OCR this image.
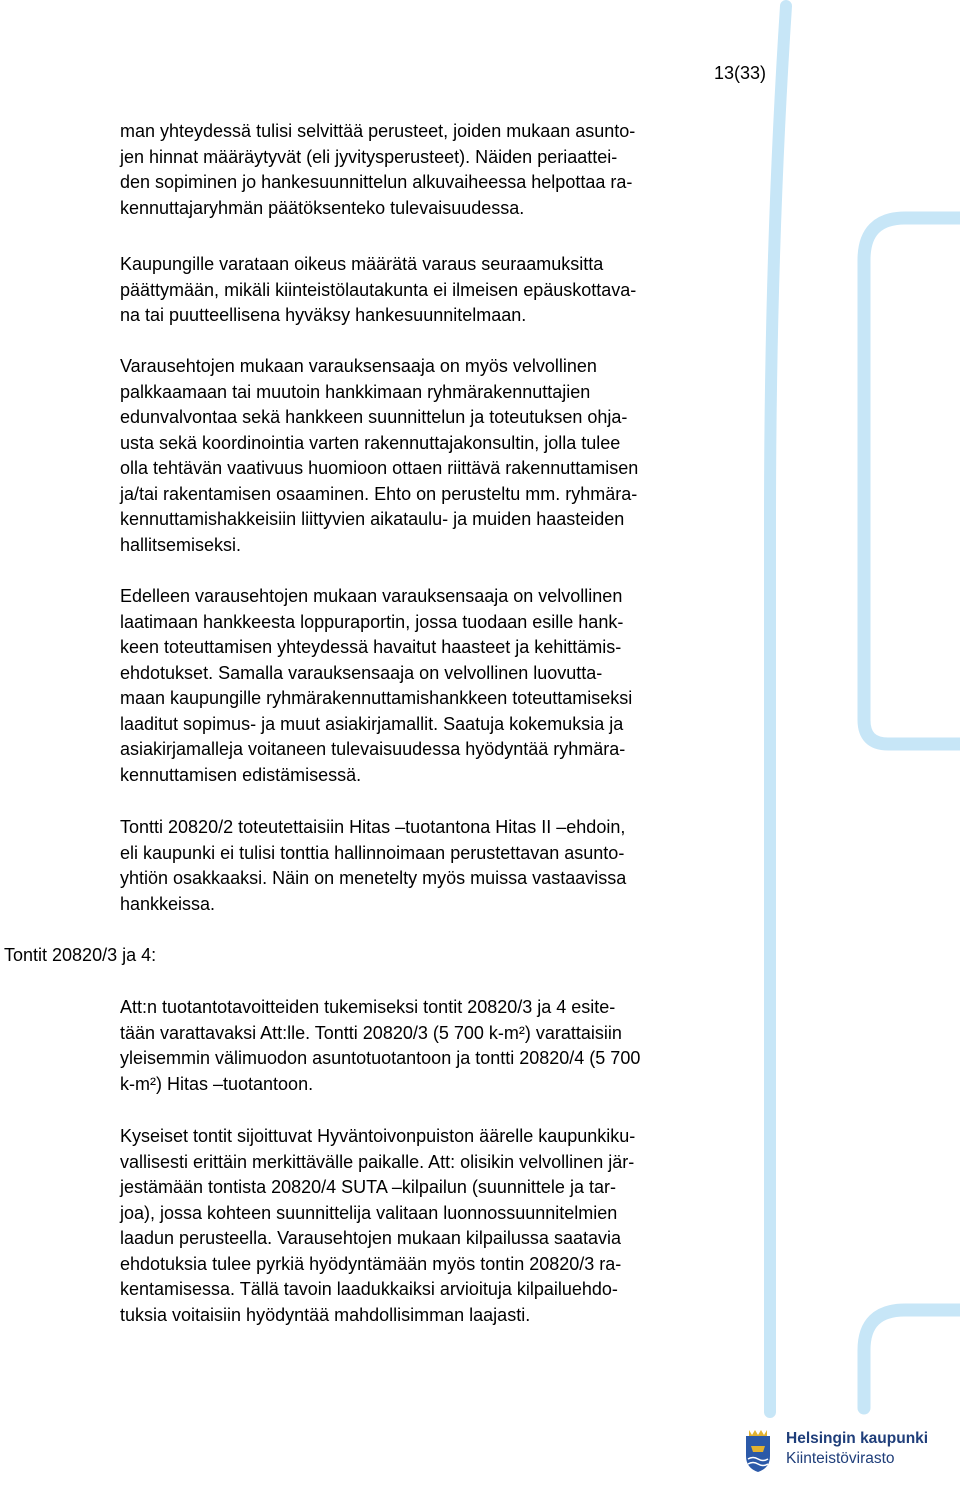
13(33)
man yhteydessä tulisi selvittää perusteet, joiden mukaan asunto-
jen hinnat määräytyvät (eli jyvitysperusteet). Näiden periaattei-
den sopiminen jo hankesuunnittelun alkuvaiheessa helpottaa ra-
kennuttajaryhmän päätöksenteko tulevaisuudessa.
Kaupungille varataan oikeus määrätä varaus seuraamuksitta
päättymään, mikäli kiinteistölautakunta ei ilmeisen epäuskottava-
na tai puutteellisena hyväksy hankesuunnitelmaan.
Varausehtojen mukaan varauksensaaja on myös velvollinen
palkkaamaan tai muutoin hankkimaan ryhmärakennuttajien
edunvalvontaa sekä hankkeen suunnittelun ja toteutuksen ohja-
usta sekä koordinointia varten rakennuttajakonsultin, jolla tulee
olla tehtävän vaativuus huomioon ottaen riittävä rakennuttamisen
ja/tai rakentamisen osaaminen. Ehto on perusteltu mm. ryhmära-
kennuttamishakkeisiin liittyvien aikataulu- ja muiden haasteiden
hallitsemiseksi.
Edelleen varausehtojen mukaan varauksensaaja on velvollinen
laatimaan hankkeesta loppuraportin, jossa tuodaan esille hank-
keen toteuttamisen yhteydessä havaitut haasteet ja kehittämis-
ehdotukset. Samalla varauksensaaja on velvollinen luovutta-
maan kaupungille ryhmärakennuttamishankkeen toteuttamiseksi
laaditut sopimus- ja muut asiakirjamallit. Saatuja kokemuksia ja
asiakirjamalleja voitaneen tulevaisuudessa hyödyntää ryhmära-
kennuttamisen edistämisessä.
Tontti 20820/2 toteutettaisiin Hitas –tuotantona Hitas II –ehdoin,
eli kaupunki ei tulisi tonttia hallinnoimaan perustettavan asunto-
yhtiön osakkaaksi. Näin on menetelty myös muissa vastaavissa
hankkeissa.
Tontit 20820/3 ja 4:
Att:n tuotantotavoitteiden tukemiseksi tontit 20820/3 ja 4 esite-
tään varattavaksi Att:lle. Tontti 20820/3 (5 700 k-m²) varattaisiin
yleisemmin välimuodon asuntotuotantoon ja tontti 20820/4 (5 700
k-m²) Hitas –tuotantoon.
Kyseiset tontit sijoittuvat Hyväntoivonpuiston äärelle kaupunkiku-
vallisesti erittäin merkittävälle paikalle. Att: olisikin velvollinen jär-
jestämään tontista 20820/4 SUTA –kilpailun (suunnittele ja tar-
joa), jossa kohteen suunnittelija valitaan luonnossuunnitelmien
laadun perusteella. Varausehtojen mukaan kilpailussa saatavia
ehdotuksia tulee pyrkiä hyödyntämään myös tontin 20820/3 ra-
kentamisessa. Tällä tavoin laadukkaiksi arvioituja kilpailuehdo-
tuksia voitaisiin hyödyntää mahdollisimman laajasti.
Helsingin kaupunki
Kiinteistövirasto
